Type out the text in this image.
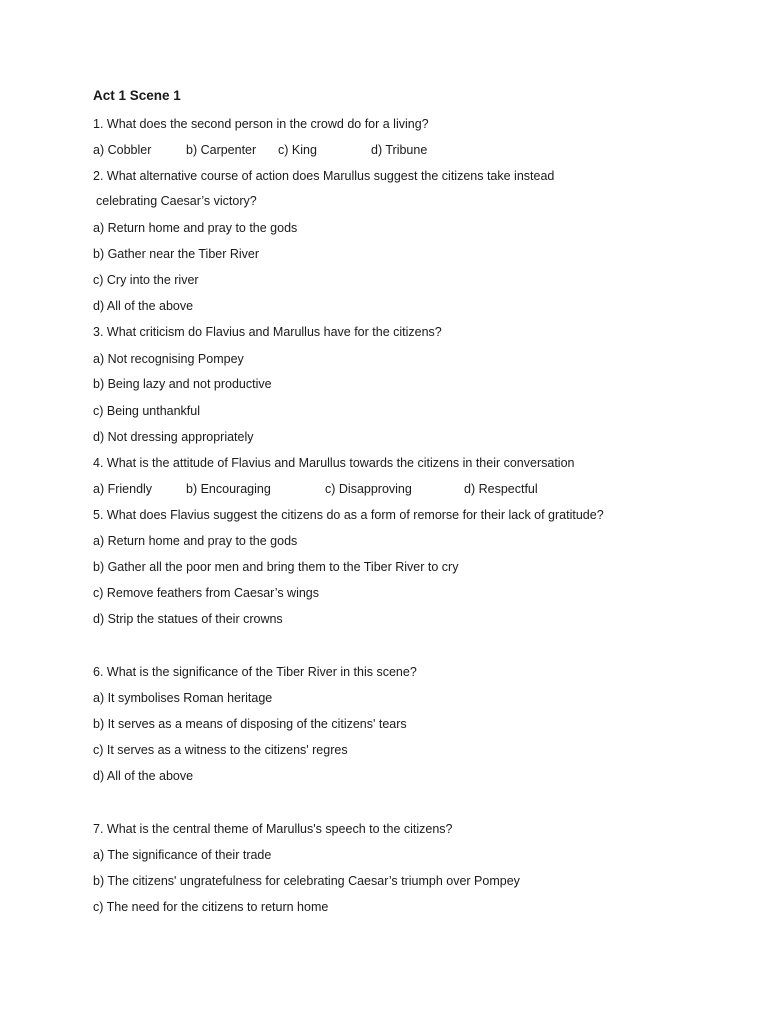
Act 1 Scene 1
1. What does the second person in the crowd do for a living?
a) Cobbler	b) Carpenter c) King	d) Tribune
2. What alternative course of action does Marullus suggest the citizens take instead
celebrating Caesar’s victory?
a) Return home and pray to the gods
b) Gather near the Tiber River
c) Cry into the river
d) All of the above
3. What criticism do Flavius and Marullus have for the citizens?
a) Not recognising Pompey
b) Being lazy and not productive
c) Being unthankful
d) Not dressing appropriately
4. What is the attitude of Flavius and Marullus towards the citizens in their conversation
a) Friendly	b) Encouraging	c) Disapproving	d) Respectful
5. What does Flavius suggest the citizens do as a form of remorse for their lack of gratitude?
a) Return home and pray to the gods
b) Gather all the poor men and bring them to the Tiber River to cry
c) Remove feathers from Caesar’s wings
d) Strip the statues of their crowns
6. What is the significance of the Tiber River in this scene?
a) It symbolises Roman heritage
b) It serves as a means of disposing of the citizens' tears
c) It serves as a witness to the citizens' regres
d) All of the above
7. What is the central theme of Marullus's speech to the citizens?
a) The significance of their trade
b) The citizens' ungratefulness for celebrating Caesar’s triumph over Pompey
c) The need for the citizens to return home
